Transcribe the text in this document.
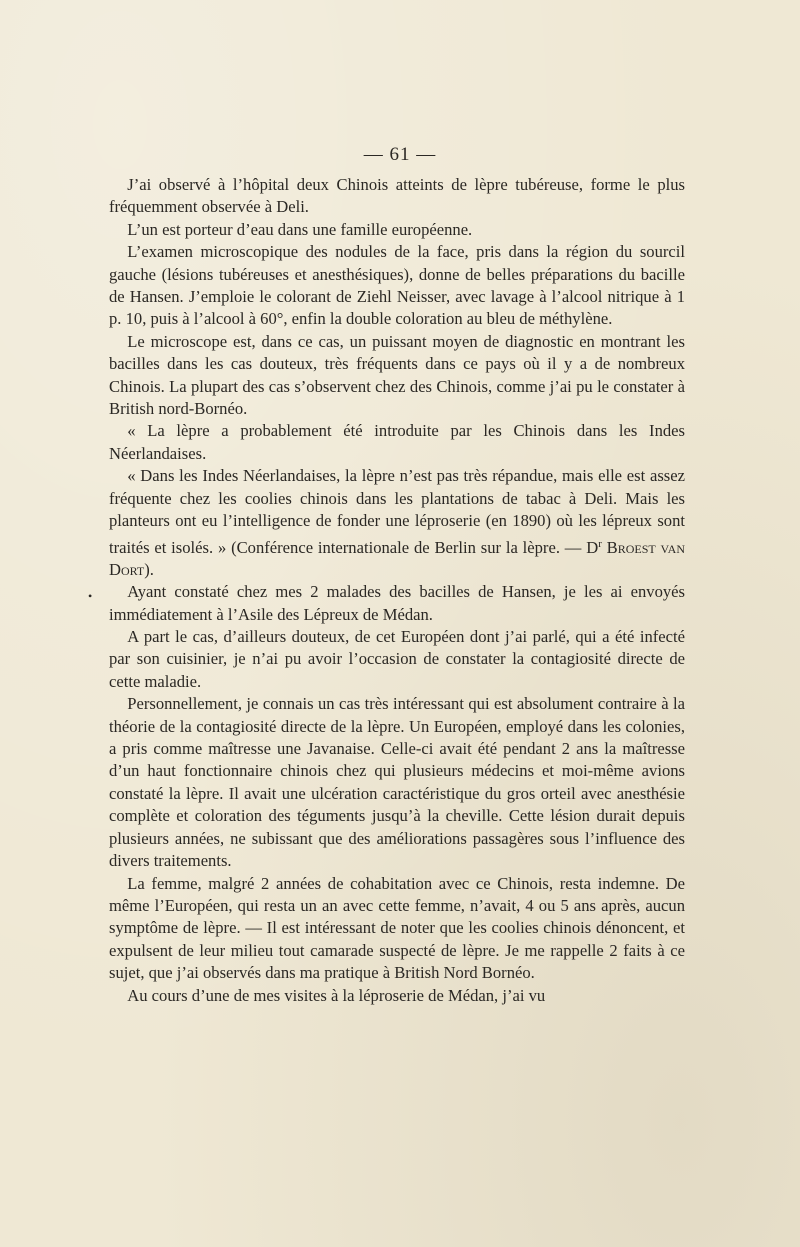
— 61 —
•

J’ai observé à l’hôpital deux Chinois atteints de lèpre tubéreuse, forme le plus fréquemment observée à Deli.

L’un est porteur d’eau dans une famille européenne.

L’examen microscopique des nodules de la face, pris dans la région du sourcil gauche (lésions tubéreuses et anesthésiques), donne de belles préparations du bacille de Hansen. J’emploie le colorant de Ziehl Neisser, avec lavage à l’alcool nitrique à 1 p. 10, puis à l’alcool à 60°, enfin la double coloration au bleu de méthylène.

Le microscope est, dans ce cas, un puissant moyen de diagnostic en montrant les bacilles dans les cas douteux, très fréquents dans ce pays où il y a de nombreux Chinois. La plupart des cas s’observent chez des Chinois, comme j’ai pu le constater à British nord-Bornéo.

« La lèpre a probablement été introduite par les Chinois dans les Indes Néerlandaises.

« Dans les Indes Néerlandaises, la lèpre n’est pas très répandue, mais elle est assez fréquente chez les coolies chinois dans les plantations de tabac à Deli. Mais les planteurs ont eu l’intelligence de fonder une léproserie (en 1890) où les lépreux sont traités et isolés. » (Conférence internationale de Berlin sur la lèpre. — $D^r$ Broest van Dort).

Ayant constaté chez mes 2 malades des bacilles de Hansen, je les ai envoyés immédiatement à l’Asile des Lépreux de Médan.

A part le cas, d’ailleurs douteux, de cet Européen dont j’ai parlé, qui a été infecté par son cuisinier, je n’ai pu avoir l’occasion de constater la contagiosité directe de cette maladie.

Personnellement, je connais un cas très intéressant qui est absolument contraire à la théorie de la contagiosité directe de la lèpre. Un Européen, employé dans les colonies, a pris comme maîtresse une Javanaise. Celle-ci avait été pendant 2 ans la maîtresse d’un haut fonctionnaire chinois chez qui plusieurs médecins et moi-même avions constaté la lèpre. Il avait une ulcération caractéristique du gros orteil avec anesthésie complète et coloration des téguments jusqu’à la cheville. Cette lésion durait depuis plusieurs années, ne subissant que des améliorations passagères sous l’influence des divers traitements.

La femme, malgré 2 années de cohabitation avec ce Chinois, resta indemne. De même l’Européen, qui resta un an avec cette femme, n’avait, 4 ou 5 ans après, aucun symptôme de lèpre. — Il est intéressant de noter que les coolies chinois dénoncent, et expulsent de leur milieu tout camarade suspecté de lèpre. Je me rappelle 2 faits à ce sujet, que j’ai observés dans ma pratique à British Nord Bornéo.

Au cours d’une de mes visites à la léproserie de Médan, j’ai vu
